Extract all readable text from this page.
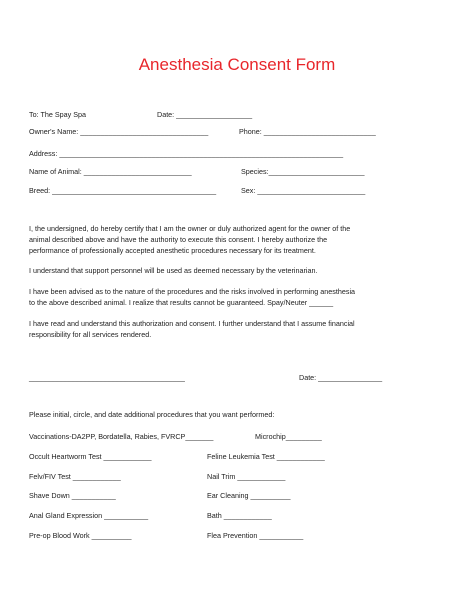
Anesthesia Consent Form
To: The Spay Spa	Date: ___________________
Owner's Name: ________________________________	Phone: ____________________________
Address: _______________________________________________________________________
Name of Animal: ___________________________	Species:________________________
Breed: _________________________________________	Sex: ___________________________
I, the undersigned, do hereby certify that I am the owner or duly authorized agent for the owner of the
animal described above and have the authority to execute this consent. I hereby authorize the
performance of professionally accepted anesthetic procedures necessary for its treatment.
I understand that support personnel will be used as deemed necessary by the veterinarian.
I have been advised as to the nature of the procedures and the risks involved in performing anesthesia
to the above described animal. I realize that results cannot be guaranteed. Spay/Neuter ______
I have read and understand this authorization and consent. I further understand that I assume financial
responsibility for all services rendered.
_______________________________________	Date: ________________
Please initial, circle, and date additional procedures that you want performed:
Vaccinations-DA2PP, Bordatella, Rabies, FVRCP_______	Microchip_________
Occult Heartworm Test ____________	Feline Leukemia Test ____________
Felv/FIV Test ____________	Nail Trim ____________
Shave Down ___________	Ear Cleaning __________
Anal Gland Expression ___________	Bath ____________
Pre-op Blood Work __________	Flea Prevention ___________
